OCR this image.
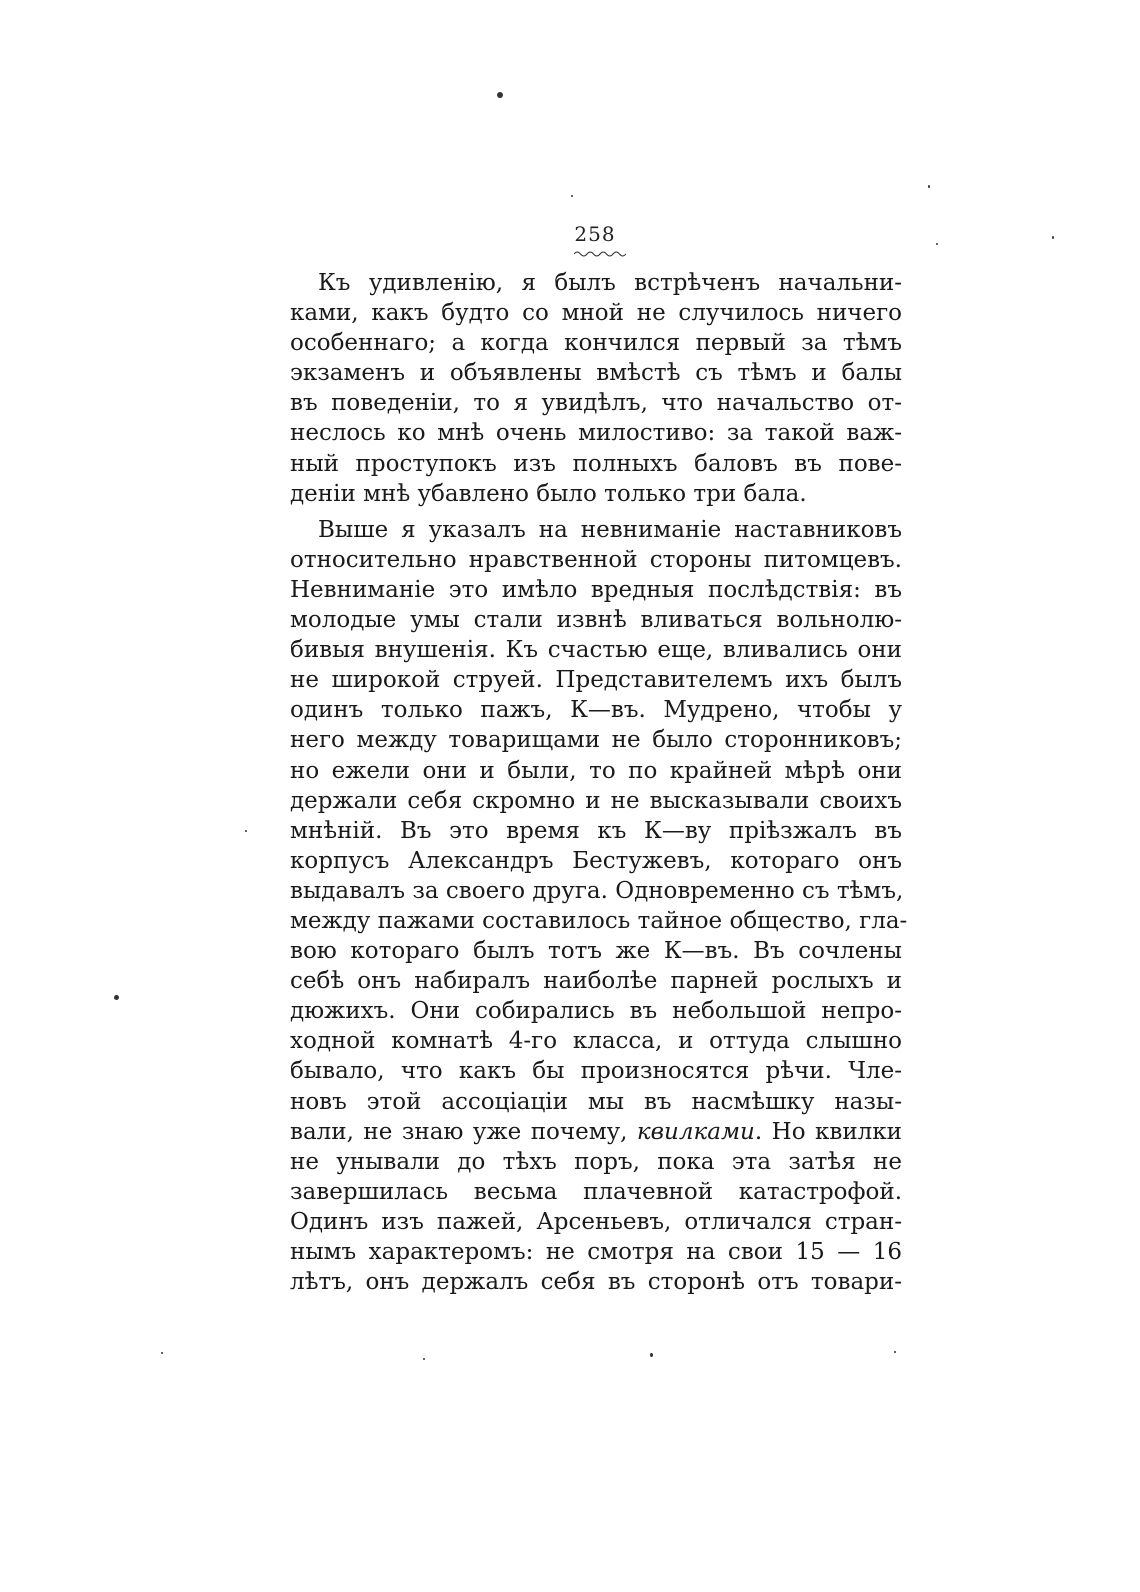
258
Къ удивленію, я былъ встрѣченъ начальни-
ками, какъ будто со мной не случилось ничего
особеннаго; а когда кончился первый за тѣмъ
экзаменъ и объявлены вмѣстѣ съ тѣмъ и балы
въ поведеніи, то я увидѣлъ, что начальство от-
неслось ко мнѣ очень милостиво: за такой важ-
ный проступокъ изъ полныхъ баловъ въ пове-
деніи мнѣ убавлено было только три бала.
Выше я указалъ на невниманіе наставниковъ
относительно нравственной стороны питомцевъ.
Невниманіе это имѣло вредныя послѣдствія: въ
молодые умы стали извнѣ вливаться вольнолю-
бивыя внушенія. Къ счастью еще, вливались они
не широкой струей. Представителемъ ихъ былъ
одинъ только пажъ, К—въ. Мудрено, чтобы у
него между товарищами не было сторонниковъ;
но ежели они и были, то по крайней мѣрѣ они
держали себя скромно и не высказывали своихъ
мнѣній. Въ это время къ К—ву пріѣзжалъ въ
корпусъ Александръ Бестужевъ, котораго онъ
выдавалъ за своего друга. Одновременно съ тѣмъ,
между пажами составилось тайное общество, гла-
вою котораго былъ тотъ же К—въ. Въ сочлены
себѣ онъ набиралъ наиболѣе парней рослыхъ и
дюжихъ. Они собирались въ небольшой непро-
ходной комнатѣ 4-го класса, и оттуда слышно
бывало, что какъ бы произносятся рѣчи. Чле-
новъ этой ассоціаціи мы въ насмѣшку назы-
вали, не знаю уже почему, квилками. Но квилки
не унывали до тѣхъ поръ, пока эта затѣя не
завершилась весьма плачевной катастрофой.
Одинъ изъ пажей, Арсеньевъ, отличался стран-
нымъ характеромъ: не смотря на свои 15 — 16
лѣтъ, онъ держалъ себя въ сторонѣ отъ товари-
